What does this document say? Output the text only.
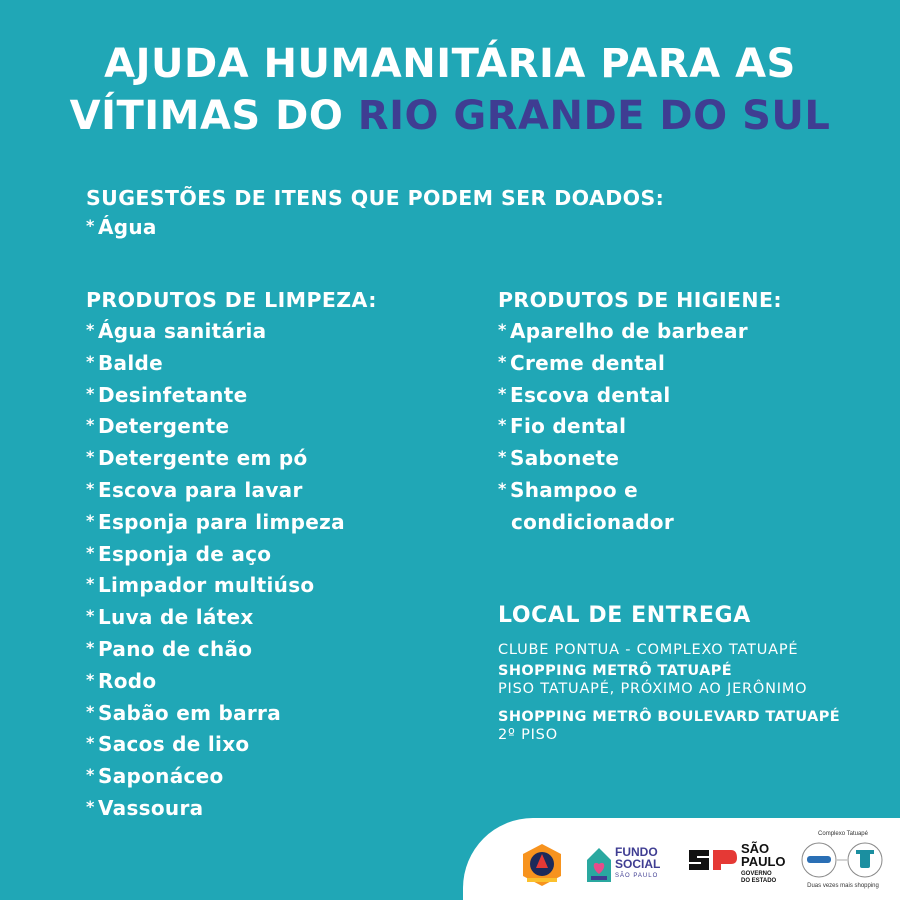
AJUDA HUMANITÁRIA PARA AS
VÍTIMAS DO RIO GRANDE DO SUL
SUGESTÕES DE ITENS QUE PODEM SER DOADOS:
* Água
PRODUTOS DE LIMPEZA:
* Água sanitária
* Balde
* Desinfetante
* Detergente
* Detergente em pó
* Escova para lavar
* Esponja para limpeza
* Esponja de aço
* Limpador multiúso
* Luva de látex
* Pano de chão
* Rodo
* Sabão em barra
* Sacos de lixo
* Saponáceo
* Vassoura
PRODUTOS DE HIGIENE:
* Aparelho de barbear
* Creme dental
* Escova dental
* Fio dental
* Sabonete
* Shampoo e
condicionador
LOCAL DE ENTREGA
CLUBE PONTUA - COMPLEXO TATUAPÉ
SHOPPING METRÔ TATUAPÉ
PISO TATUAPÉ, PRÓXIMO AO JERÔNIMO
SHOPPING METRÔ BOULEVARD TATUAPÉ
2º PISO
FUNDO
SOCIAL
SÃO PAULO
SÃO
PAULO
GOVERNO
DO ESTADO
Complexo Tatuapé
Duas vezes mais shopping
